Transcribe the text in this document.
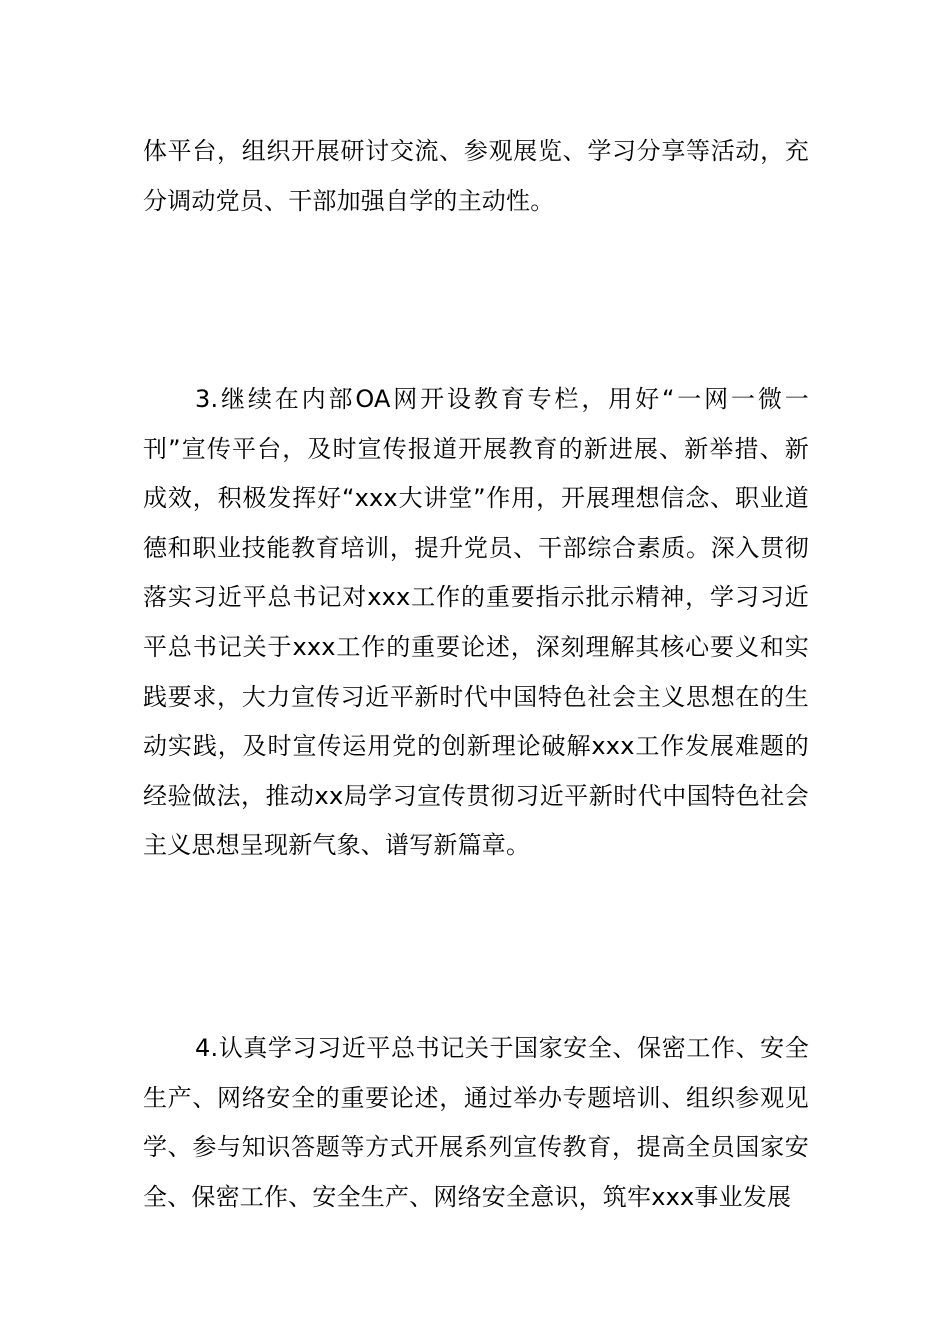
体平台，组织开展研讨交流、参观展览、学习分享等活动，充分调动党员、干部加强自学的主动性。

3.继续在内部OA网开设教育专栏，用好“一网一微一刊”宣传平台，及时宣传报道开展教育的新进展、新举措、新成效，积极发挥好“xxx大讲堂”作用，开展理想信念、职业道德和职业技能教育培训，提升党员、干部综合素质。深入贯彻落实习近平总书记对xxx工作的重要指示批示精神，学习习近平总书记关于xxx工作的重要论述，深刻理解其核心要义和实践要求，大力宣传习近平新时代中国特色社会主义思想在的生动实践，及时宣传运用党的创新理论破解xxx工作发展难题的经验做法，推动xx局学习宣传贯彻习近平新时代中国特色社会主义思想呈现新气象、谱写新篇章。

4.认真学习习近平总书记关于国家安全、保密工作、安全生产、网络安全的重要论述，通过举办专题培训、组织参观见学、参与知识答题等方式开展系列宣传教育，提高全员国家安全、保密工作、安全生产、网络安全意识，筑牢xxx事业发展
